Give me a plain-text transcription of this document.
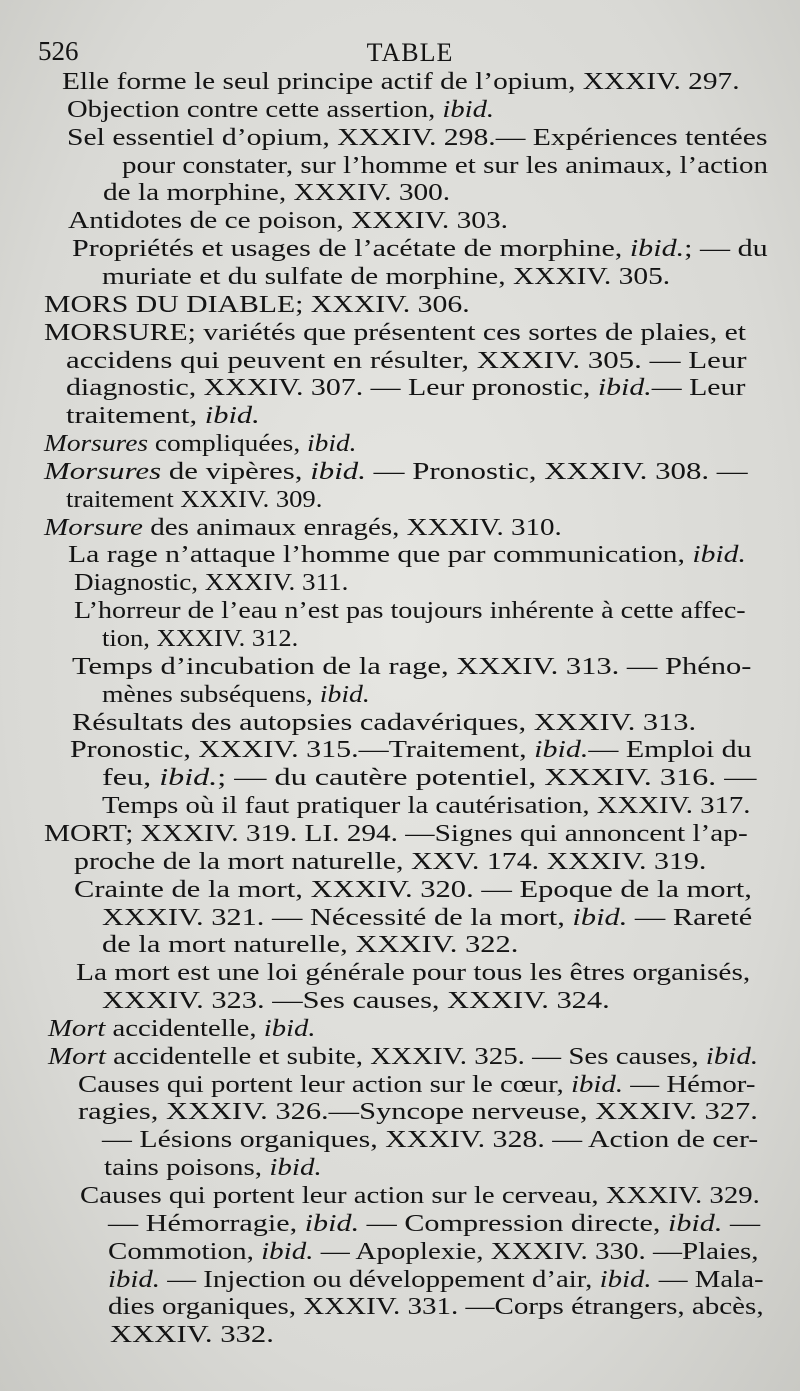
526	TABLE
Elle forme le seul principe actif de l’opium, XXXIV. 297.
Objection contre cette assertion, ibid.
Sel essentiel d’opium, XXXIV. 298.— Expériences tentées
pour constater, sur l’homme et sur les animaux, l’action
de la morphine, XXXIV. 300.
Antidotes de ce poison, XXXIV. 303.
Propriétés et usages de l’acétate de morphine, ibid.; — du
muriate et du sulfate de morphine, XXXIV. 305.
MORS DU DIABLE; XXXIV. 306.
MORSURE; variétés que présentent ces sortes de plaies, et
accidens qui peuvent en résulter, XXXIV. 305. — Leur
diagnostic, XXXIV. 307. — Leur pronostic, ibid.— Leur
traitement, ibid.
Morsures compliquées, ibid.
Morsures de vipères, ibid. — Pronostic, XXXIV. 308. —
traitement XXXIV. 309.
Morsure des animaux enragés, XXXIV. 310.
La rage n’attaque l’homme que par communication, ibid.
Diagnostic, XXXIV. 311.
L’horreur de l’eau n’est pas toujours inhérente à cette affec-
tion, XXXIV. 312.
Temps d’incubation de la rage, XXXIV. 313. — Phéno-
mènes subséquens, ibid.
Résultats des autopsies cadavériques, XXXIV. 313.
Pronostic, XXXIV. 315.—Traitement, ibid.— Emploi du
feu, ibid.; — du cautère potentiel, XXXIV. 316. —
Temps où il faut pratiquer la cautérisation, XXXIV. 317.
MORT; XXXIV. 319. LI. 294. —Signes qui annoncent l’ap-
proche de la mort naturelle, XXV. 174. XXXIV. 319.
Crainte de la mort, XXXIV. 320. — Epoque de la mort,
XXXIV. 321. — Nécessité de la mort, ibid. — Rareté
de la mort naturelle, XXXIV. 322.
La mort est une loi générale pour tous les êtres organisés,
XXXIV. 323. —Ses causes, XXXIV. 324.
Mort accidentelle, ibid.
Mort accidentelle et subite, XXXIV. 325. — Ses causes, ibid.
Causes qui portent leur action sur le cœur, ibid. — Hémor-
ragies, XXXIV. 326.—Syncope nerveuse, XXXIV. 327.
— Lésions organiques, XXXIV. 328. — Action de cer-
tains poisons, ibid.
Causes qui portent leur action sur le cerveau, XXXIV. 329.
— Hémorragie, ibid. — Compression directe, ibid. —
Commotion, ibid. — Apoplexie, XXXIV. 330. —Plaies,
ibid. — Injection ou développement d’air, ibid. — Mala-
dies organiques, XXXIV. 331. —Corps étrangers, abcès,
XXXIV. 332.
